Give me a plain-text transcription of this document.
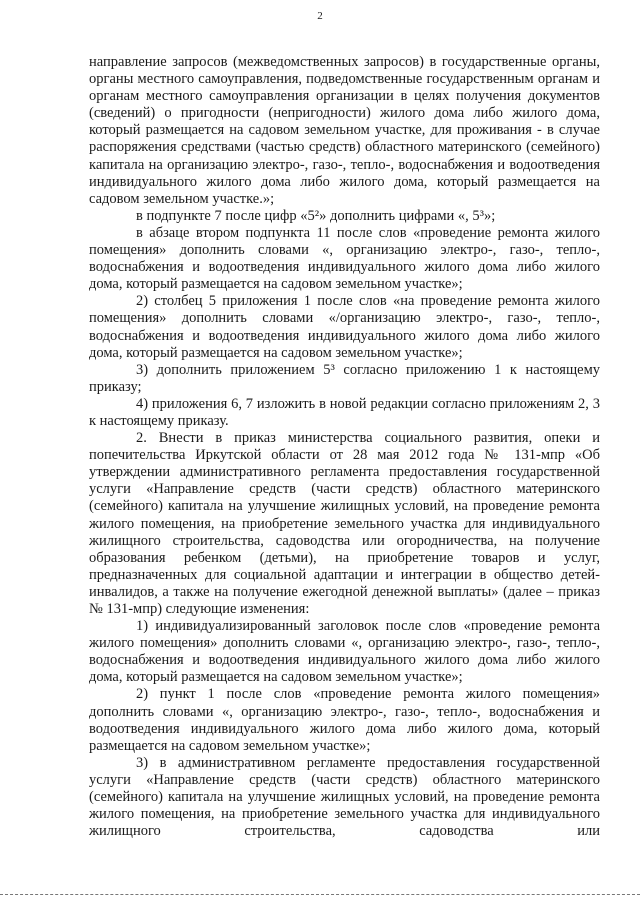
2

направление запросов (межведомственных запросов) в государственные органы, органы местного самоуправления, подведомственные государственным органам и органам местного самоуправления организации в целях получения документов (сведений) о пригодности (непригодности) жилого дома либо жилого дома, который размещается на садовом земельном участке, для проживания - в случае распоряжения средствами (частью средств) областного материнского (семейного) капитала на организацию электро-, газо-, тепло-, водоснабжения и водоотведения индивидуального жилого дома либо жилого дома, который размещается на садовом земельном участке.»;

в подпункте 7 после цифр «5²» дополнить цифрами «, 5³»;

в абзаце втором подпункта 11 после слов «проведение ремонта жилого помещения» дополнить словами «, организацию электро-, газо-, тепло-, водоснабжения и водоотведения индивидуального жилого дома либо жилого дома, который размещается на садовом земельном участке»;

2) столбец 5 приложения 1 после слов «на проведение ремонта жилого помещения» дополнить словами «/организацию электро-, газо-, тепло-, водоснабжения и водоотведения индивидуального жилого дома либо жилого дома, который размещается на садовом земельном участке»;

3) дополнить приложением 5³ согласно приложению 1 к настоящему приказу;

4) приложения 6, 7 изложить в новой редакции согласно приложениям 2, 3 к настоящему приказу.

2. Внести в приказ министерства социального развития, опеки и попечительства Иркутской области от 28 мая 2012 года № 131-мпр «Об утверждении административного регламента предоставления государственной услуги «Направление средств (части средств) областного материнского (семейного) капитала на улучшение жилищных условий, на проведение ремонта жилого помещения, на приобретение земельного участка для индивидуального жилищного строительства, садоводства или огородничества, на получение образования ребенком (детьми), на приобретение товаров и услуг, предназначенных для социальной адаптации и интеграции в общество детей-инвалидов, а также на получение ежегодной денежной выплаты» (далее – приказ № 131-мпр) следующие изменения:

1) индивидуализированный заголовок после слов «проведение ремонта жилого помещения» дополнить словами «, организацию электро-, газо-, тепло-, водоснабжения и водоотведения индивидуального жилого дома либо жилого дома, который размещается на садовом земельном участке»;

2) пункт 1 после слов «проведение ремонта жилого помещения» дополнить словами «, организацию электро-, газо-, тепло-, водоснабжения и водоотведения индивидуального жилого дома либо жилого дома, который размещается на садовом земельном участке»;

3) в административном регламенте предоставления государственной услуги «Направление средств (части средств) областного материнского (семейного) капитала на улучшение жилищных условий, на проведение ремонта жилого помещения, на приобретение земельного участка для индивидуального жилищного строительства, садоводства или
